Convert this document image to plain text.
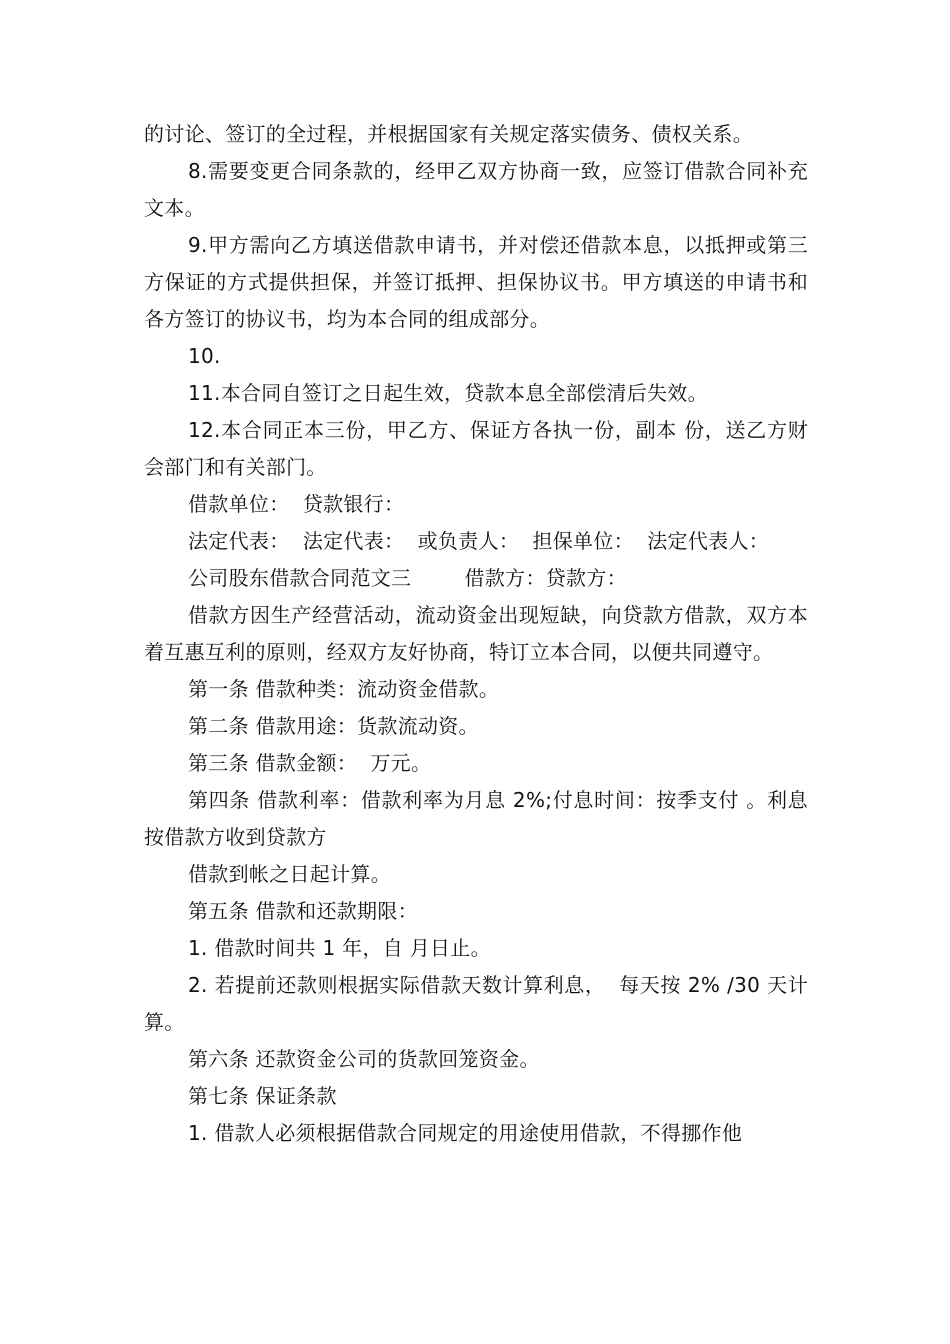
的讨论、签订的全过程，并根据国家有关规定落实债务、债权关系。

8.需要变更合同条款的，经甲乙双方协商一致，应签订借款合同补充文本。

9.甲方需向乙方填送借款申请书，并对偿还借款本息，以抵押或第三方保证的方式提供担保，并签订抵押、担保协议书。甲方填送的申请书和各方签订的协议书，均为本合同的组成部分。

10.

11.本合同自签订之日起生效，贷款本息全部偿清后失效。

12.本合同正本三份，甲乙方、保证方各执一份，副本 份，送乙方财会部门和有关部门。

借款单位：  贷款银行：

法定代表：  法定代表：  或负责人：  担保单位：  法定代表人：

公司股东借款合同范文三        借款方：贷款方：

借款方因生产经营活动，流动资金出现短缺，向贷款方借款，双方本着互惠互利的原则，经双方友好协商，特订立本合同，以便共同遵守。

第一条 借款种类：流动资金借款。

第二条 借款用途：货款流动资。

第三条 借款金额：  万元。

第四条 借款利率：借款利率为月息 2%;付息时间：按季支付 。利息按借款方收到贷款方

借款到帐之日起计算。

第五条 借款和还款期限：

1. 借款时间共 1 年，自 月日止。

2. 若提前还款则根据实际借款天数计算利息，  每天按 2% /30 天计算。

第六条 还款资金公司的货款回笼资金。

第七条 保证条款

1. 借款人必须根据借款合同规定的用途使用借款，不得挪作他
